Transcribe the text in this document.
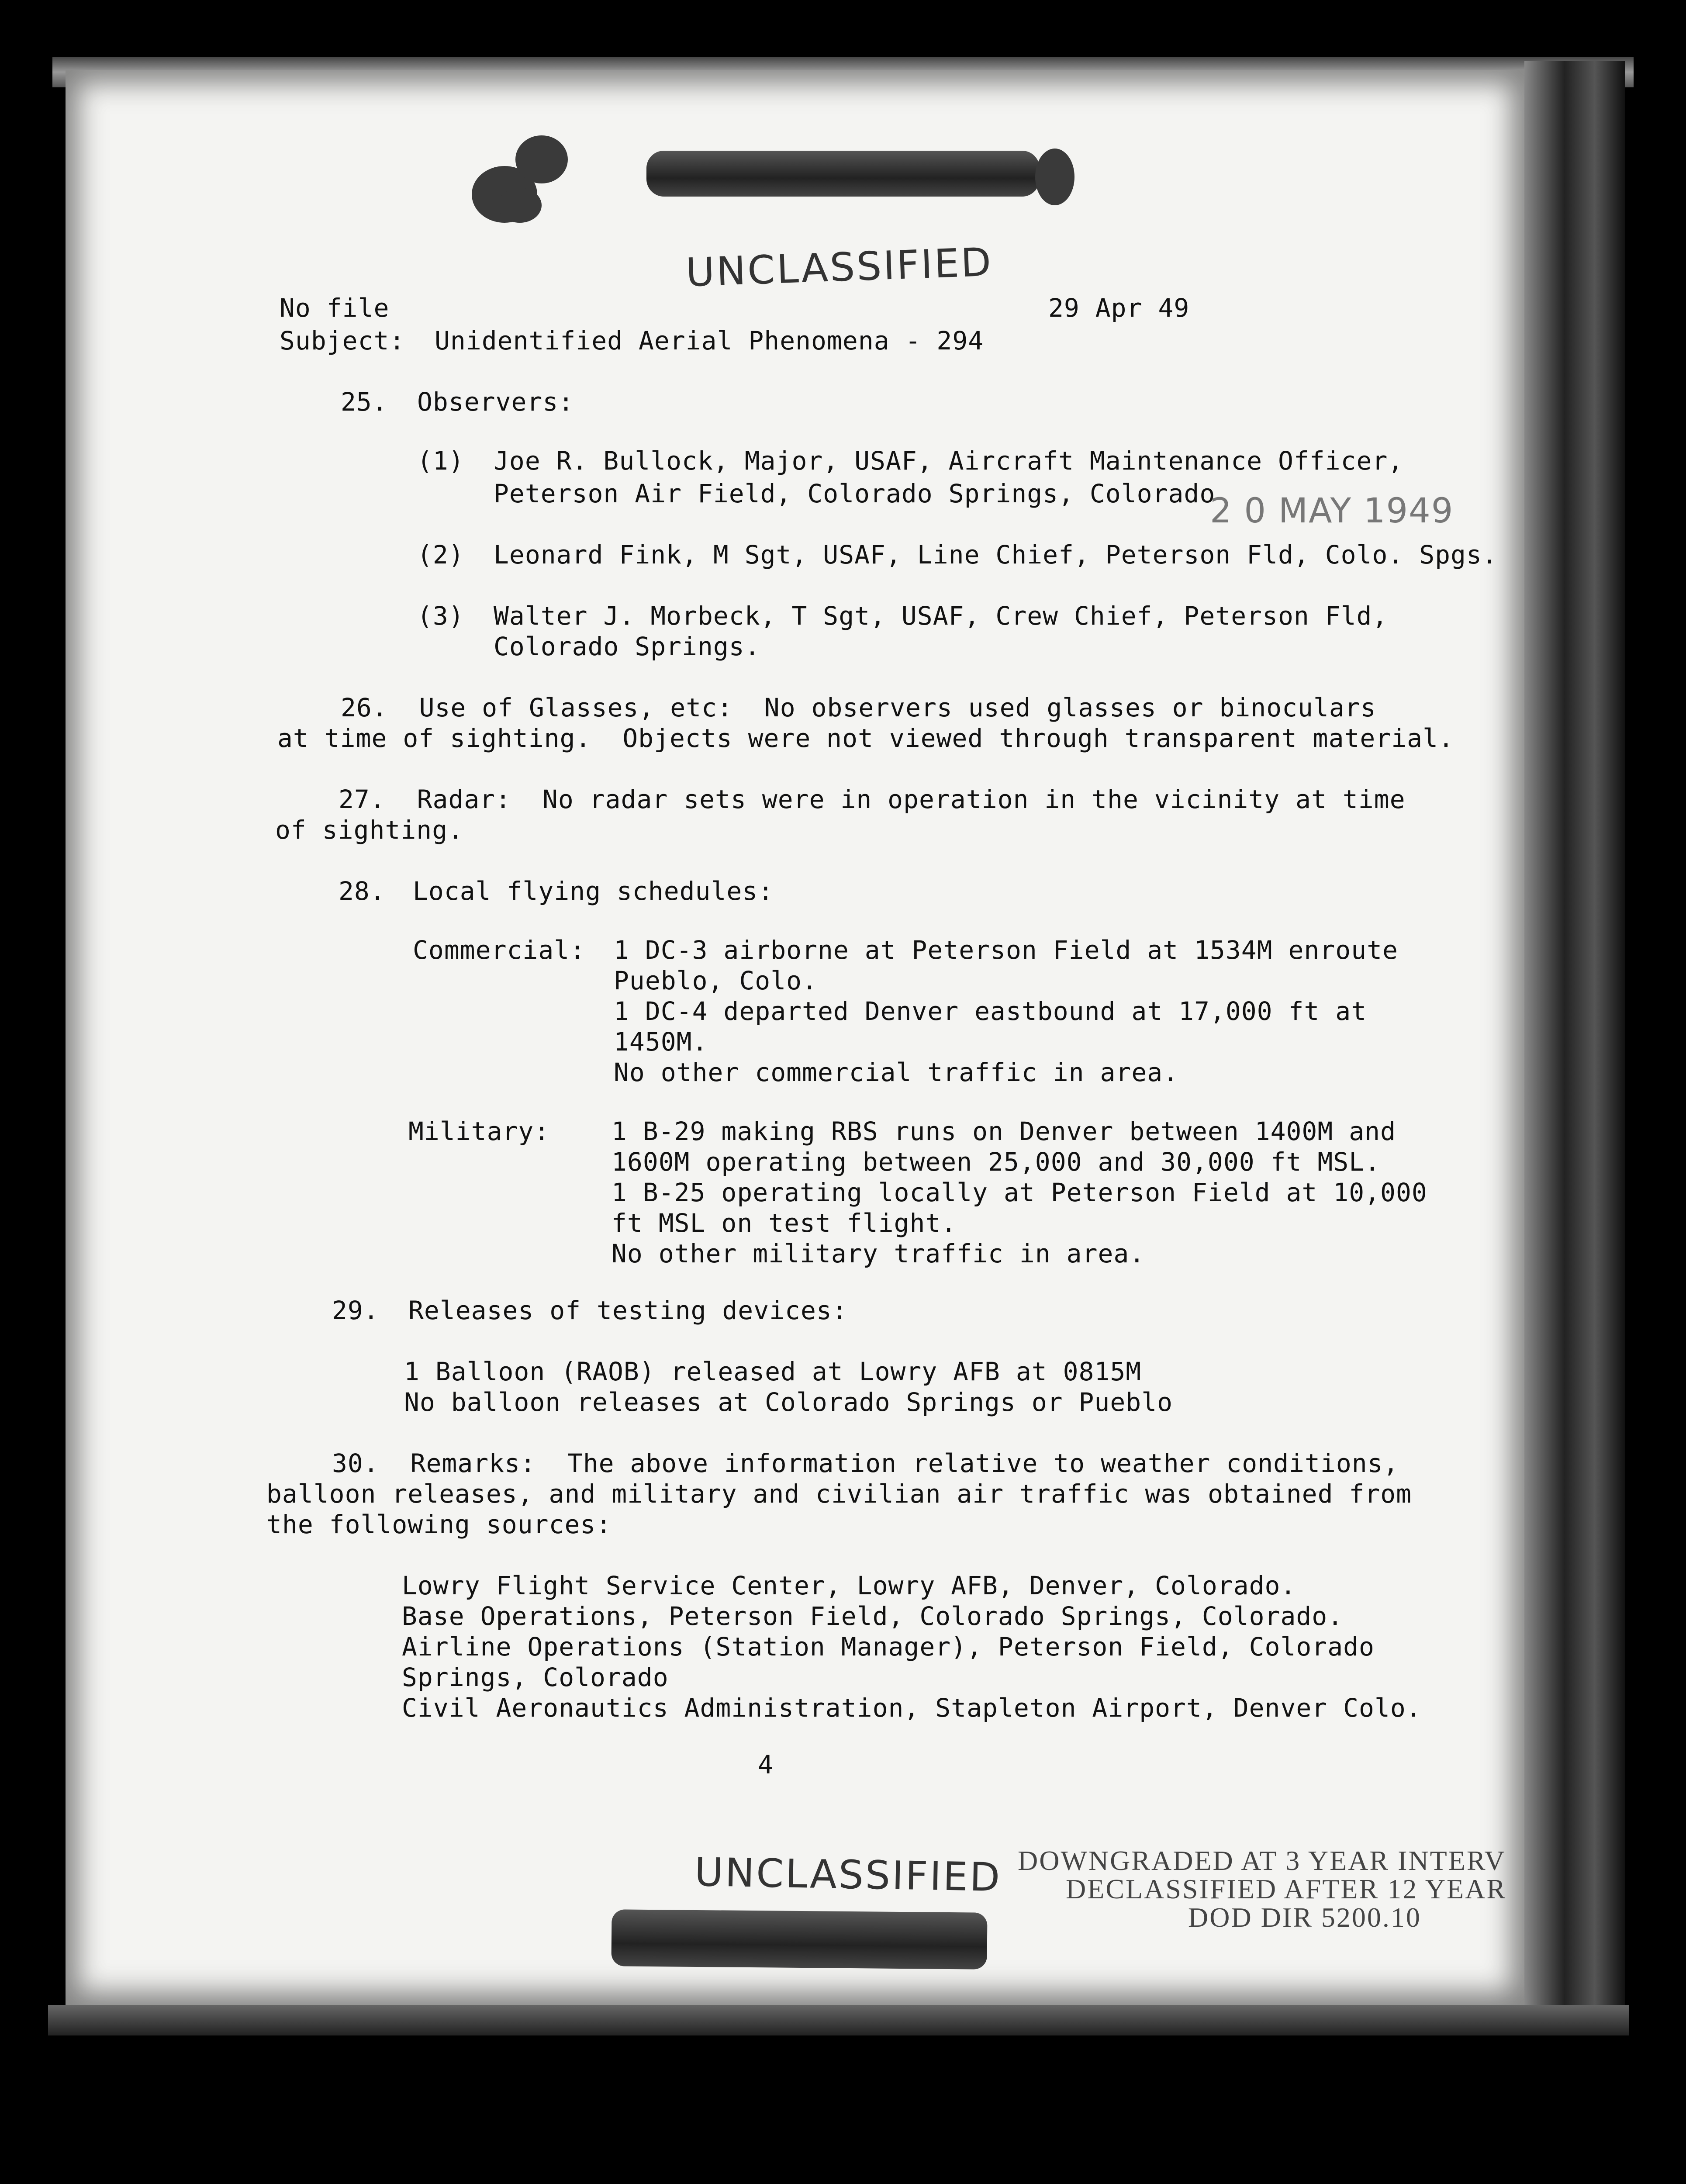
UNCLASSIFIED
No file	29 Apr 49
Subject: Unidentified Aerial Phenomena - 294
25. Observers:
(1) Joe R. Bullock, Major, USAF, Aircraft Maintenance Officer,
Peterson Air Field, Colorado Springs, Colorado
2 0 MAY 1949
(2) Leonard Fink, M Sgt, USAF, Line Chief, Peterson Fld, Colo. Spgs.
(3) Walter J. Morbeck, T Sgt, USAF, Crew Chief, Peterson Fld,
Colorado Springs.
26.  Use of Glasses, etc:  No observers used glasses or binoculars
at time of sighting.  Objects were not viewed through transparent material.
27.  Radar:  No radar sets were in operation in the vicinity at time
of sighting.
28. Local flying schedules:
Commercial: 1 DC-3 airborne at Peterson Field at 1534M enroute
Pueblo, Colo.
1 DC-4 departed Denver eastbound at 17,000 ft at
1450M.
No other commercial traffic in area.
Military: 1 B-29 making RBS runs on Denver between 1400M and
1600M operating between 25,000 and 30,000 ft MSL.
1 B-25 operating locally at Peterson Field at 10,000
ft MSL on test flight.
No other military traffic in area.
29. Releases of testing devices:
1 Balloon (RAOB) released at Lowry AFB at 0815M
No balloon releases at Colorado Springs or Pueblo
30.  Remarks:  The above information relative to weather conditions,
balloon releases, and military and civilian air traffic was obtained from
the following sources:
Lowry Flight Service Center, Lowry AFB, Denver, Colorado.
Base Operations, Peterson Field, Colorado Springs, Colorado.
Airline Operations (Station Manager), Peterson Field, Colorado
Springs, Colorado
Civil Aeronautics Administration, Stapleton Airport, Denver Colo.
4
UNCLASSIFIED DOWNGRADED AT 3 YEAR INTERV
DECLASSIFIED AFTER 12 YEAR
DOD DIR 5200.10
